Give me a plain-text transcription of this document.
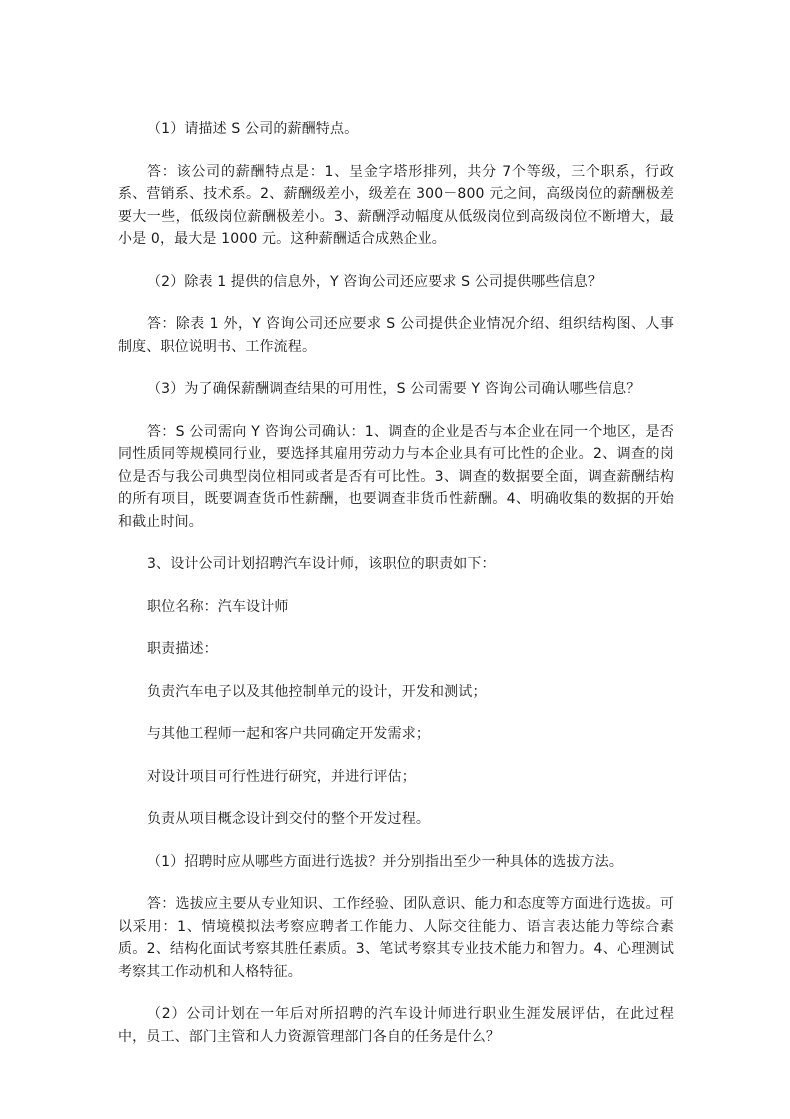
（1）请描述 S 公司的薪酬特点。

答：该公司的薪酬特点是：1、呈金字塔形排列，共分 7个等级，三个职系，行政系、营销系、技术系。2、薪酬级差小，级差在 300－800 元之间，高级岗位的薪酬极差要大一些，低级岗位薪酬极差小。3、薪酬浮动幅度从低级岗位到高级岗位不断增大，最小是 0，最大是 1000 元。这种薪酬适合成熟企业。

（2）除表 1 提供的信息外，Y 咨询公司还应要求 S 公司提供哪些信息？

答：除表 1 外，Y 咨询公司还应要求 S 公司提供企业情况介绍、组织结构图、人事制度、职位说明书、工作流程。

（3）为了确保薪酬调查结果的可用性，S 公司需要 Y 咨询公司确认哪些信息？

答：S 公司需向 Y 咨询公司确认：1、调查的企业是否与本企业在同一个地区，是否同性质同等规模同行业，要选择其雇用劳动力与本企业具有可比性的企业。2、调查的岗位是否与我公司典型岗位相同或者是否有可比性。3、调查的数据要全面，调查薪酬结构的所有项目，既要调查货币性薪酬，也要调查非货币性薪酬。4、明确收集的数据的开始和截止时间。

3、设计公司计划招聘汽车设计师，该职位的职责如下：

职位名称：汽车设计师

职责描述：

负责汽车电子以及其他控制单元的设计，开发和测试；

与其他工程师一起和客户共同确定开发需求；

对设计项目可行性进行研究，并进行评估；

负责从项目概念设计到交付的整个开发过程。

（1）招聘时应从哪些方面进行选拔？并分别指出至少一种具体的选拔方法。

答：选拔应主要从专业知识、工作经验、团队意识、能力和态度等方面进行选拔。可以采用：1、情境模拟法考察应聘者工作能力、人际交往能力、语言表达能力等综合素质。2、结构化面试考察其胜任素质。3、笔试考察其专业技术能力和智力。4、心理测试考察其工作动机和人格特征。

（2）公司计划在一年后对所招聘的汽车设计师进行职业生涯发展评估，在此过程中，员工、部门主管和人力资源管理部门各自的任务是什么？
